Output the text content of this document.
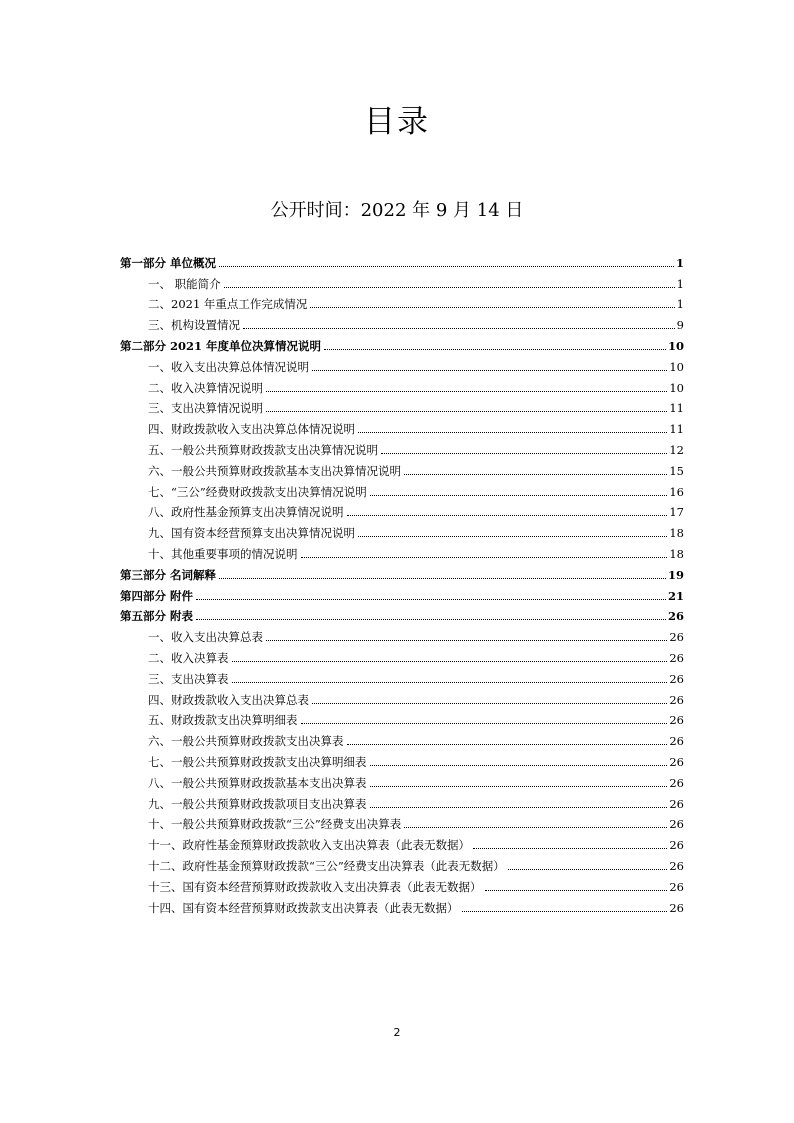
目录
公开时间：2022 年 9 月 14 日
第一部分 单位概况	1
一、 职能简介	1
二、2021 年重点工作完成情况	1
三、机构设置情况	9
第二部分 2021 年度单位决算情况说明	10
一、收入支出决算总体情况说明	10
二、收入决算情况说明	10
三、支出决算情况说明	11
四、财政拨款收入支出决算总体情况说明	11
五、一般公共预算财政拨款支出决算情况说明	12
六、一般公共预算财政拨款基本支出决算情况说明	15
七、“三公”经费财政拨款支出决算情况说明	16
八、政府性基金预算支出决算情况说明	17
九、国有资本经营预算支出决算情况说明	18
十、其他重要事项的情况说明	18
第三部分 名词解释	19
第四部分 附件	21
第五部分 附表	26
一、收入支出决算总表	26
二、收入决算表	26
三、支出决算表	26
四、财政拨款收入支出决算总表	26
五、财政拨款支出决算明细表	26
六、一般公共预算财政拨款支出决算表	26
七、一般公共预算财政拨款支出决算明细表	26
八、一般公共预算财政拨款基本支出决算表	26
九、一般公共预算财政拨款项目支出决算表	26
十、一般公共预算财政拨款“三公”经费支出决算表	26
十一、政府性基金预算财政拨款收入支出决算表（此表无数据）	26
十二、政府性基金预算财政拨款“三公”经费支出决算表（此表无数据）	26
十三、国有资本经营预算财政拨款收入支出决算表（此表无数据）	26
十四、国有资本经营预算财政拨款支出决算表（此表无数据）	26
2
